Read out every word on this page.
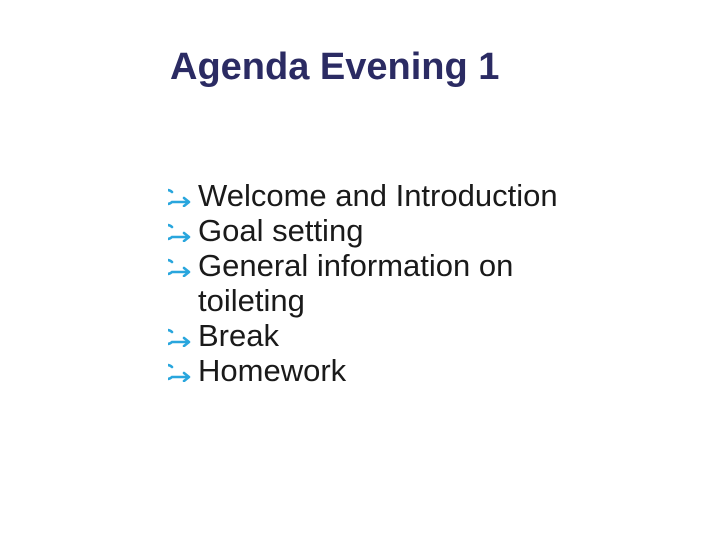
Agenda Evening 1
Welcome and Introduction
Goal setting
General information on toileting
Break
Homework
